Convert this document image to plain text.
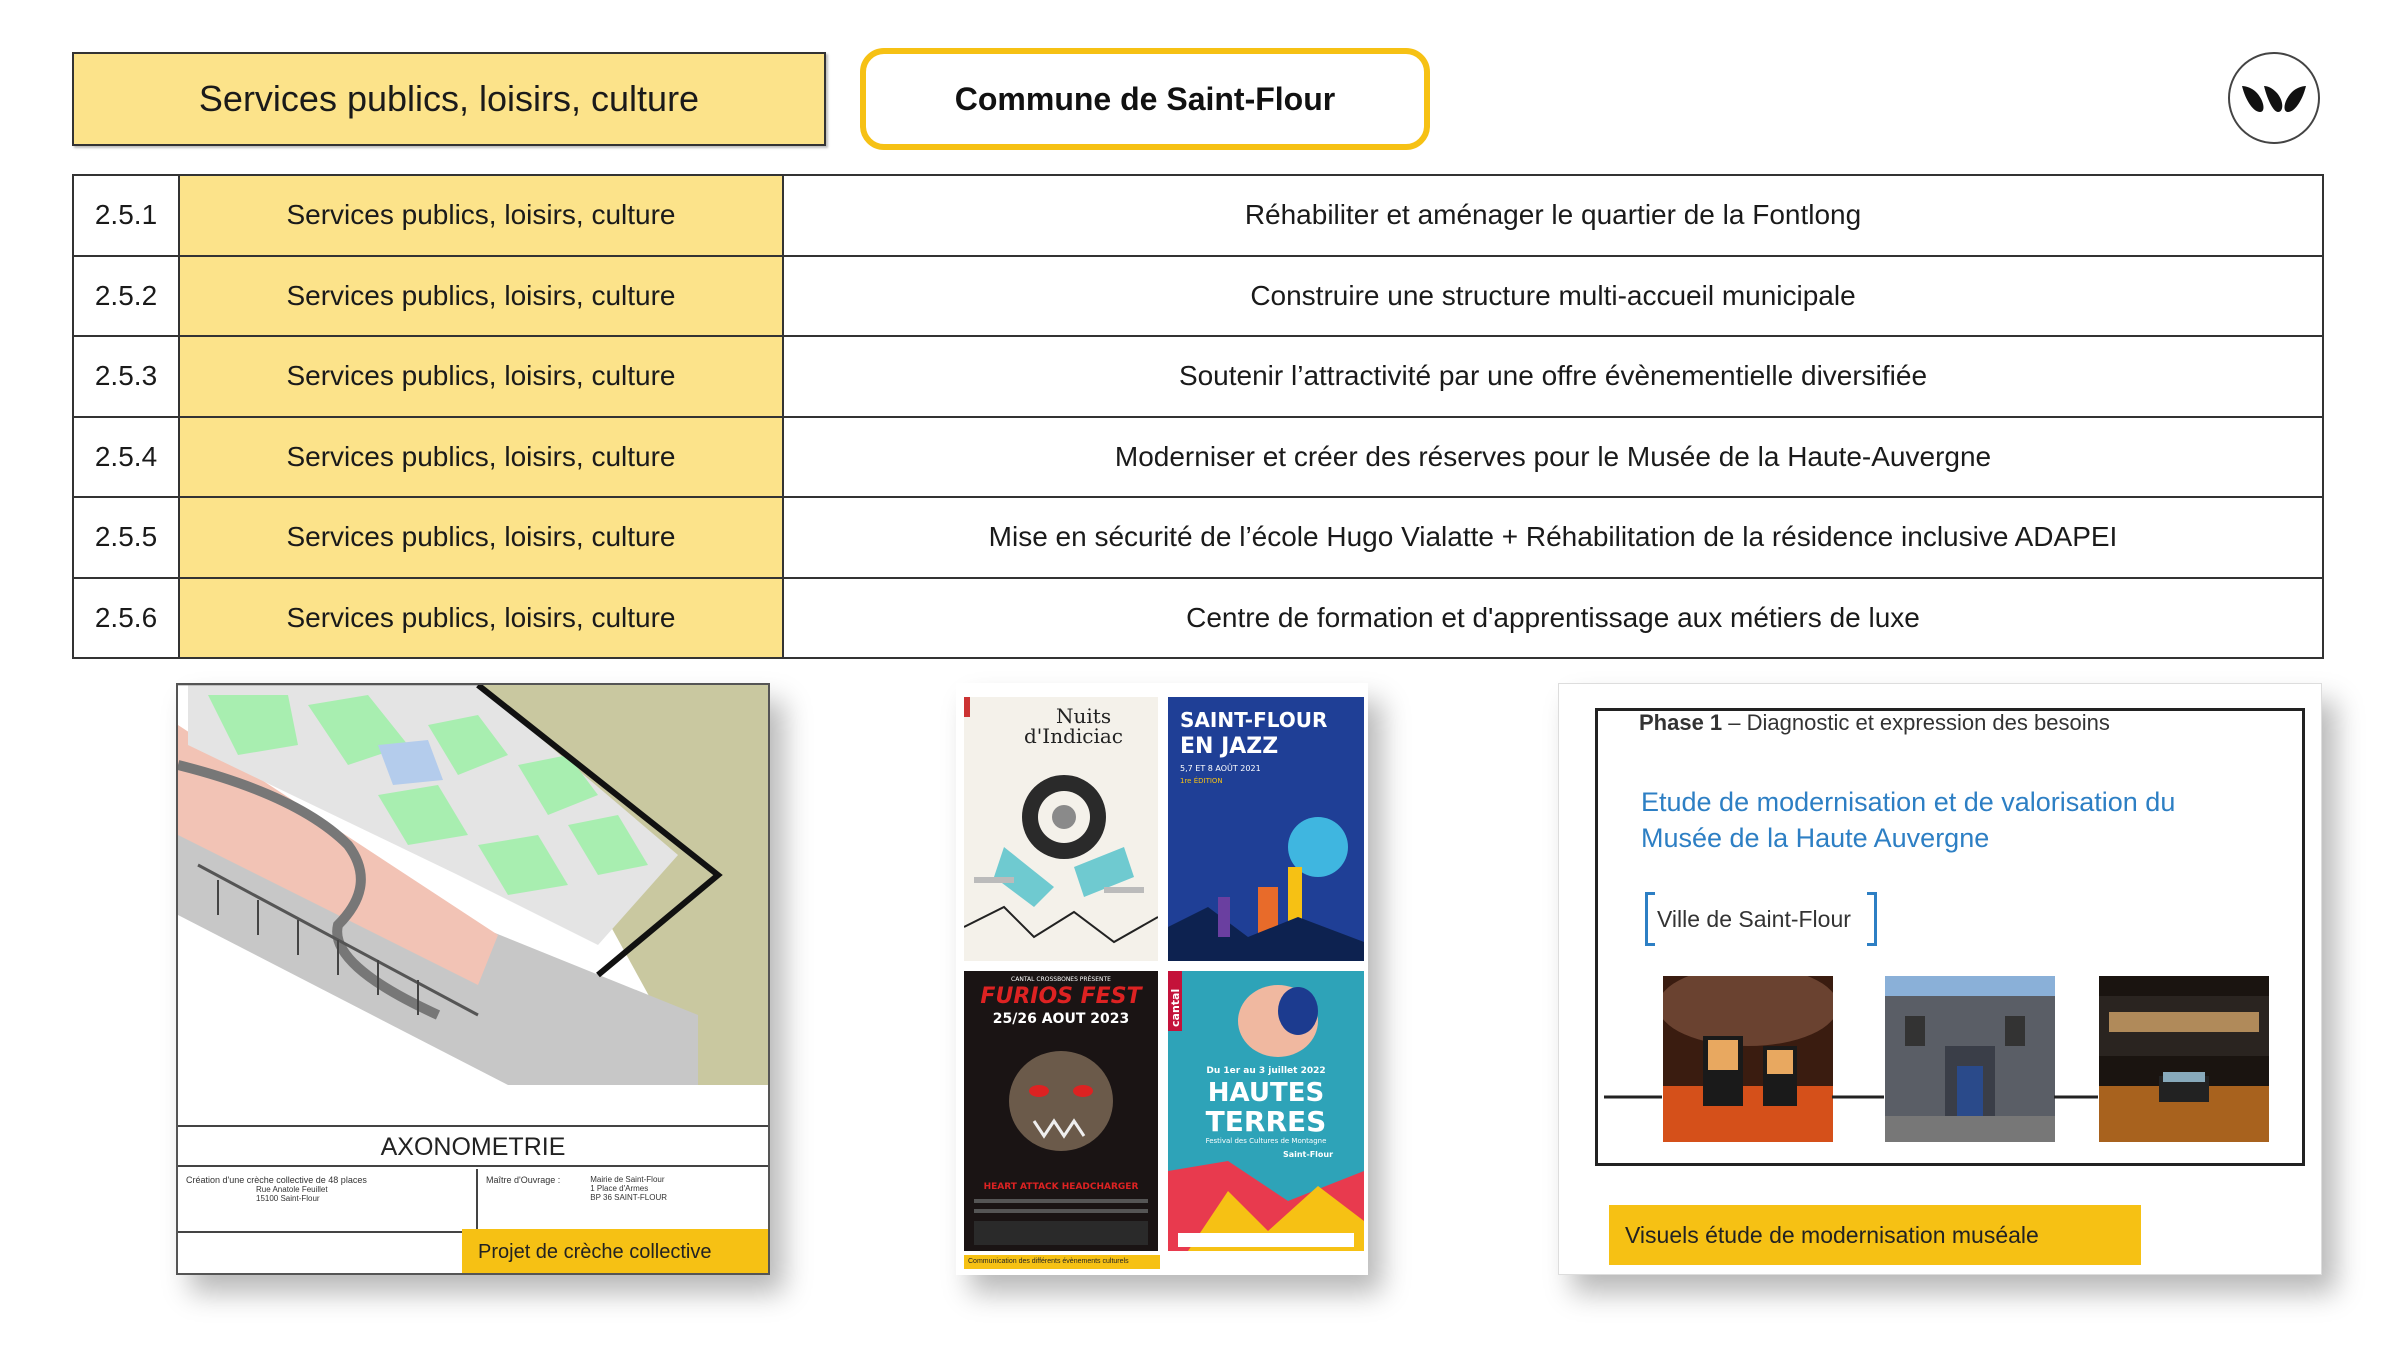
Services publics, loisirs, culture	Commune de Saint-Flour
2.5.1	Services publics, loisirs, culture	Réhabiliter et aménager le quartier de la Fontlong
2.5.2	Services publics, loisirs, culture	Construire une structure multi-accueil municipale
2.5.3	Services publics, loisirs, culture	Soutenir l’attractivité par une offre évènementielle diversifiée
2.5.4	Services publics, loisirs, culture	Moderniser et créer des réserves pour le Musée de la Haute-Auvergne
2.5.5	Services publics, loisirs, culture	Mise en sécurité de l’école Hugo Vialatte + Réhabilitation de la résidence inclusive ADAPEI
2.5.6	Services publics, loisirs, culture	Centre de formation et d'apprentissage aux métiers de luxe
AXONOMETRIE
Création d'une crèche collective de 48 places
Rue Anatole Feuillet
15100 Saint-Flour
Maître d'Ouvrage :	Mairie de Saint-Flour
1 Place d'Armes
BP 36 SAINT-FLOUR
Projet de crèche collective
Nuits
d'Indiciac
SAINT-FLOUR
EN JAZZ
5,7 ET 8 AOÛT 2021
1re ÉDITION
CANTAL CROSSBONES PRÉSENTE
FURIOS FEST
25/26 AOUT 2023
HEART ATTACK HEADCHARGER
cantal
Du 1er au 3 juillet 2022
HAUTES
TERRES
Festival des Cultures de Montagne
Saint-Flour
Communication des différents évènements culturels
Phase 1 – Diagnostic et expression des besoins
Etude de modernisation et de valorisation du Musée de la Haute Auvergne
Ville de Saint-Flour
Visuels étude de modernisation muséale
